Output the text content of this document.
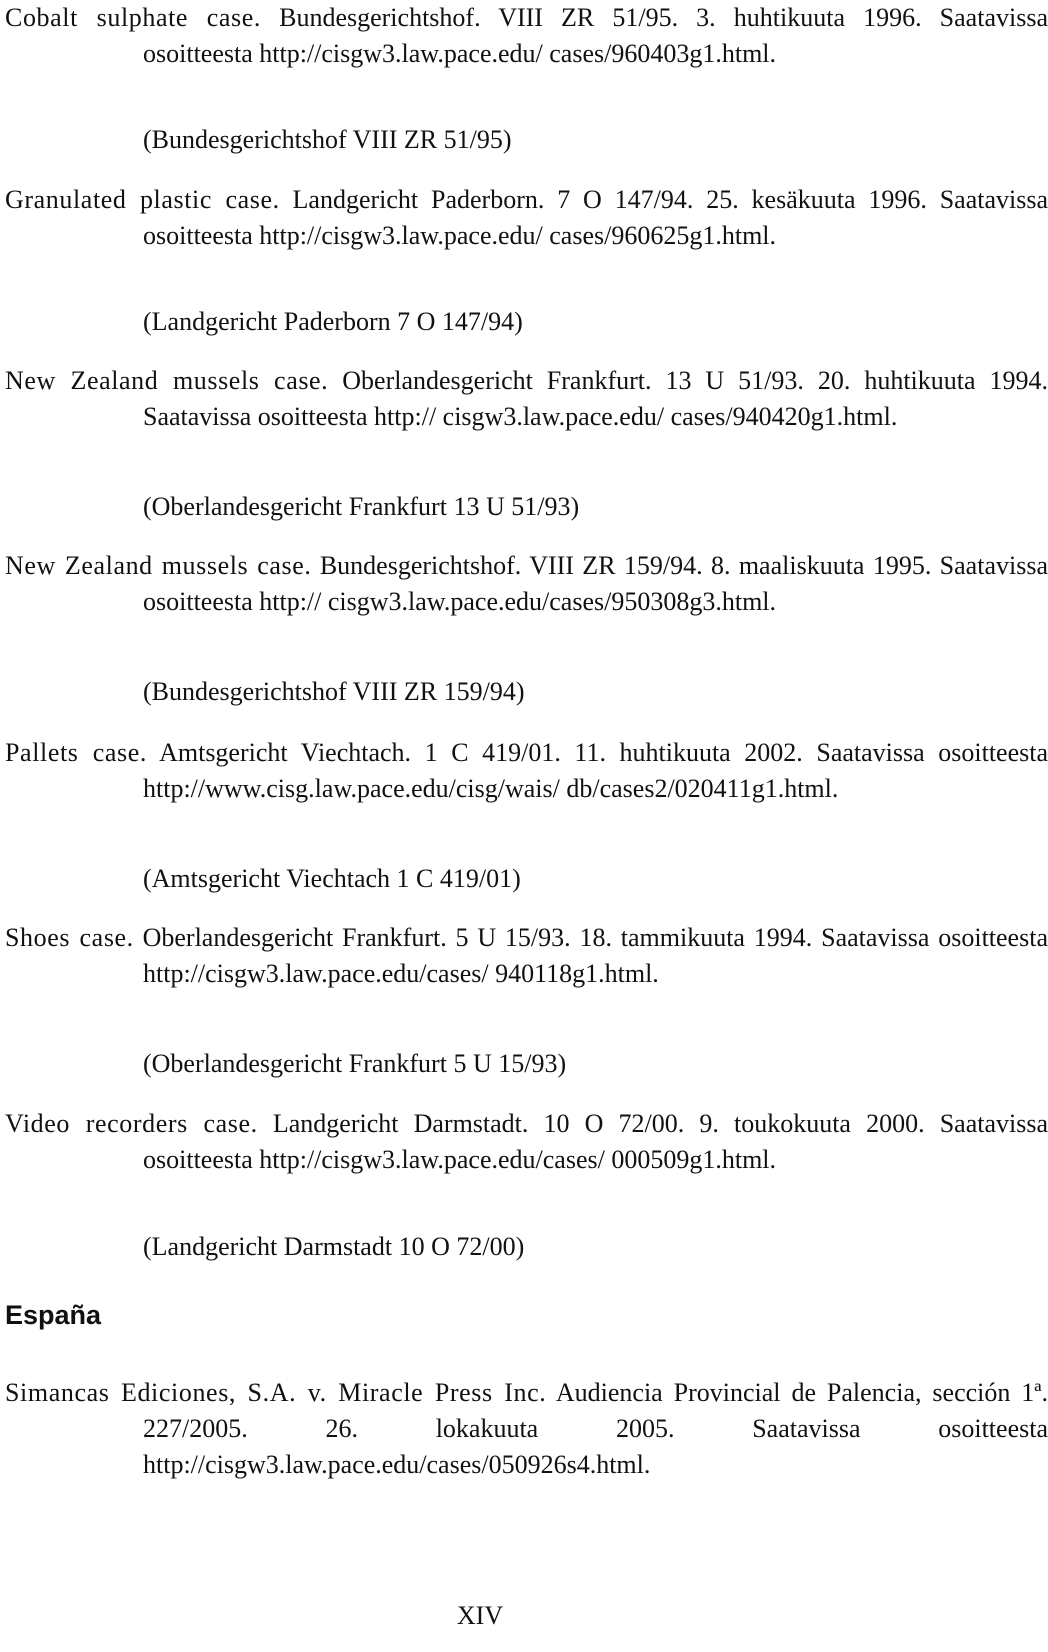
Cobalt sulphate case. Bundesgerichtshof. VIII ZR 51/95. 3. huhtikuuta 1996. Saatavissa osoitteesta http://cisgw3.law.pace.edu/ cases/960403g1.html.
(Bundesgerichtshof VIII ZR 51/95)
Granulated plastic case. Landgericht Paderborn. 7 O 147/94. 25. kesäkuuta 1996. Saatavissa osoitteesta http://cisgw3.law.pace.edu/ cases/960625g1.html.
(Landgericht Paderborn 7 O 147/94)
New Zealand mussels case. Oberlandesgericht Frankfurt. 13 U 51/93. 20. huhtikuuta 1994. Saatavissa osoitteesta http:// cisgw3.law.pace.edu/ cases/940420g1.html.
(Oberlandesgericht Frankfurt 13 U 51/93)
New Zealand mussels case. Bundesgerichtshof. VIII ZR 159/94. 8. maaliskuuta 1995. Saatavissa osoitteesta http:// cisgw3.law.pace.edu/cases/950308g3.html.
(Bundesgerichtshof VIII ZR 159/94)
Pallets case. Amtsgericht Viechtach. 1 C 419/01. 11. huhtikuuta 2002. Saatavissa osoitteesta http://www.cisg.law.pace.edu/cisg/wais/ db/cases2/020411g1.html.
(Amtsgericht Viechtach 1 C 419/01)
Shoes case. Oberlandesgericht Frankfurt. 5 U 15/93. 18. tammikuuta 1994. Saatavissa osoitteesta http://cisgw3.law.pace.edu/cases/ 940118g1.html.
(Oberlandesgericht Frankfurt 5 U 15/93)
Video recorders case. Landgericht Darmstadt. 10 O 72/00. 9. toukokuuta 2000. Saatavissa osoitteesta http://cisgw3.law.pace.edu/cases/ 000509g1.html.
(Landgericht Darmstadt 10 O 72/00)
España
Simancas Ediciones, S.A. v. Miracle Press Inc. Audiencia Provincial de Palencia, sección 1ª. 227/2005. 26. lokakuuta 2005. Saatavissa osoitteesta http://cisgw3.law.pace.edu/cases/050926s4.html.
XIV
